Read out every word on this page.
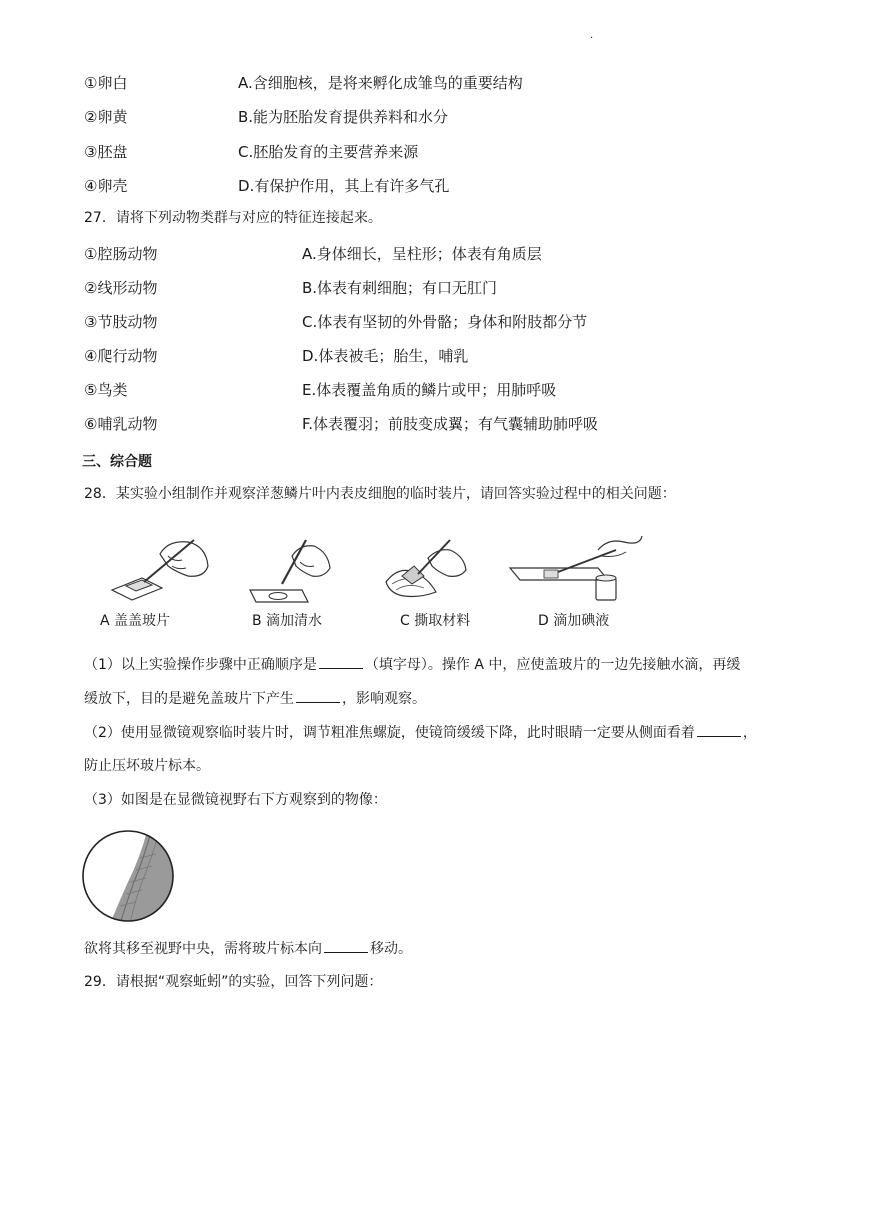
.
①卵白	A.含细胞核，是将来孵化成雏鸟的重要结构
②卵黄	B.能为胚胎发育提供养料和水分
③胚盘	C.胚胎发育的主要营养来源
④卵壳	D.有保护作用，其上有许多气孔
27．请将下列动物类群与对应的特征连接起来。
①腔肠动物	A.身体细长，呈柱形；体表有角质层
②线形动物	B.体表有刺细胞；有口无肛门
③节肢动物	C.体表有坚韧的外骨骼；身体和附肢都分节
④爬行动物	D.体表被毛；胎生，哺乳
⑤鸟类	E.体表覆盖角质的鳞片或甲；用肺呼吸
⑥哺乳动物	F.体表覆羽；前肢变成翼；有气囊辅助肺呼吸
三、综合题
28．某实验小组制作并观察洋葱鳞片叶内表皮细胞的临时装片，请回答实验过程中的相关问题：
A 盖盖玻片	B 滴加清水	C 撕取材料	D 滴加碘液
（1）以上实验操作步骤中正确顺序是	（填字母）。操作 A 中，应使盖玻片的一边先接触水滴，再缓
缓放下，目的是避免盖玻片下产生	，影响观察。
（2）使用显微镜观察临时装片时，调节粗准焦螺旋，使镜筒缓缓下降，此时眼睛一定要从侧面看着	，
防止压坏玻片标本。
（3）如图是在显微镜视野右下方观察到的物像：
欲将其移至视野中央，需将玻片标本向	移动。
29．请根据“观察蚯蚓”的实验，回答下列问题：
